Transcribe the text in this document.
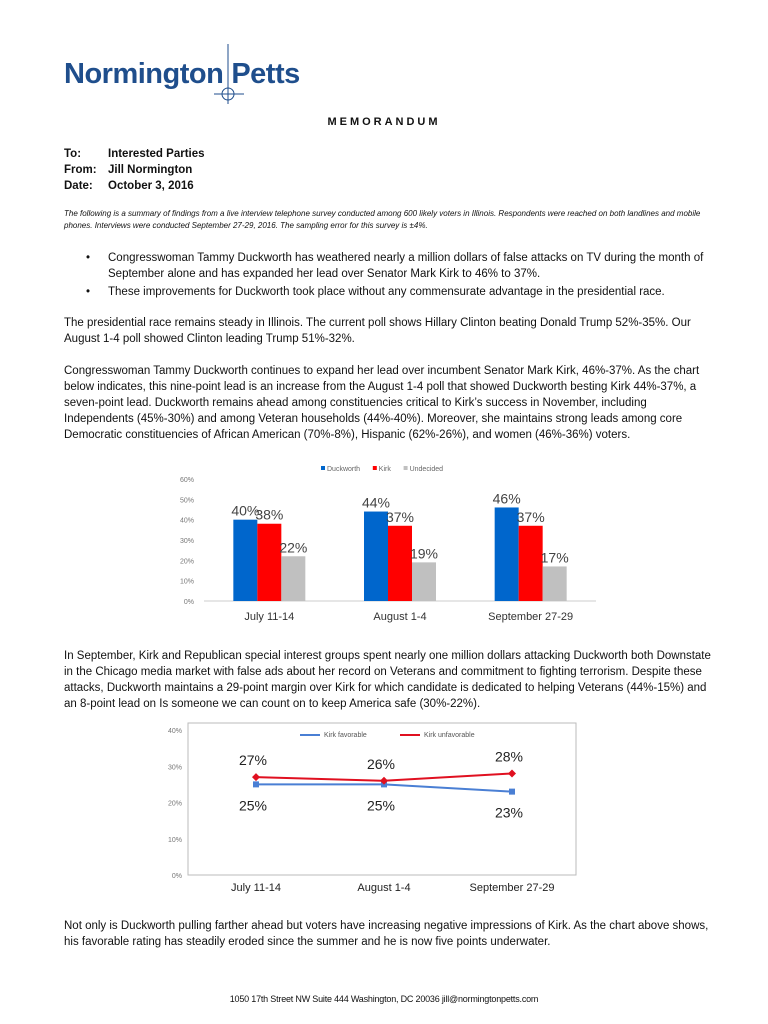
Normington Petts
MEMORANDUM
To:	Interested Parties
From: Jill Normington
Date:	October 3, 2016
The following is a summary of findings from a live interview telephone survey conducted among 600 likely voters in Illinois. Respondents were reached on both landlines and mobile phones. Interviews were conducted September 27-29, 2016. The sampling error for this survey is ±4%.
• Congresswoman Tammy Duckworth has weathered nearly a million dollars of false attacks on TV during the month of September alone and has expanded her lead over Senator Mark Kirk to 46% to 37%.
• These improvements for Duckworth took place without any commensurate advantage in the presidential race.

The presidential race remains steady in Illinois. The current poll shows Hillary Clinton beating Donald Trump 52%-35%. Our August 1-4 poll showed Clinton leading Trump 51%-32%.

Congresswoman Tammy Duckworth continues to expand her lead over incumbent Senator Mark Kirk, 46%-37%. As the chart below indicates, this nine-point lead is an increase from the August 1-4 poll that showed Duckworth besting Kirk 44%-37%, a seven-point lead. Duckworth remains ahead among constituencies critical to Kirk’s success in November, including Independents (45%-30%) and among Veteran households (44%-40%). Moreover, she maintains strong leads among core Democratic constituencies of African American (70%-8%), Hispanic (62%-26%), and women (46%-36%) voters.

0%
10%
20%
30%
40%
50%
60%
40%
38%
22%
July 11-14
44%
37%
19%
August 1-4
46%
37%
17%
September 27-29
Duckworth	Kirk	Undecided

In September, Kirk and Republican special interest groups spent nearly one million dollars attacking Duckworth both Downstate in the Chicago media market with false ads about her record on Veterans and commitment to fighting terrorism. Despite these attacks, Duckworth maintains a 29-point margin over Kirk for which candidate is dedicated to helping Veterans (44%-15%) and an 8-point lead on Is someone we can count on to keep America safe (30%-22%).

0%
10%
20%
30%
40%
25%	25%	23%
27%	26%	28%
July 11-14	August 1-4	September 27-29
Kirk favorable	Kirk unfavorable

Not only is Duckworth pulling farther ahead but voters have increasing negative impressions of Kirk. As the chart above shows, his favorable rating has steadily eroded since the summer and he is now five points underwater.

1050 17th Street NW Suite 444 Washington, DC 20036 jill@normingtonpetts.com
